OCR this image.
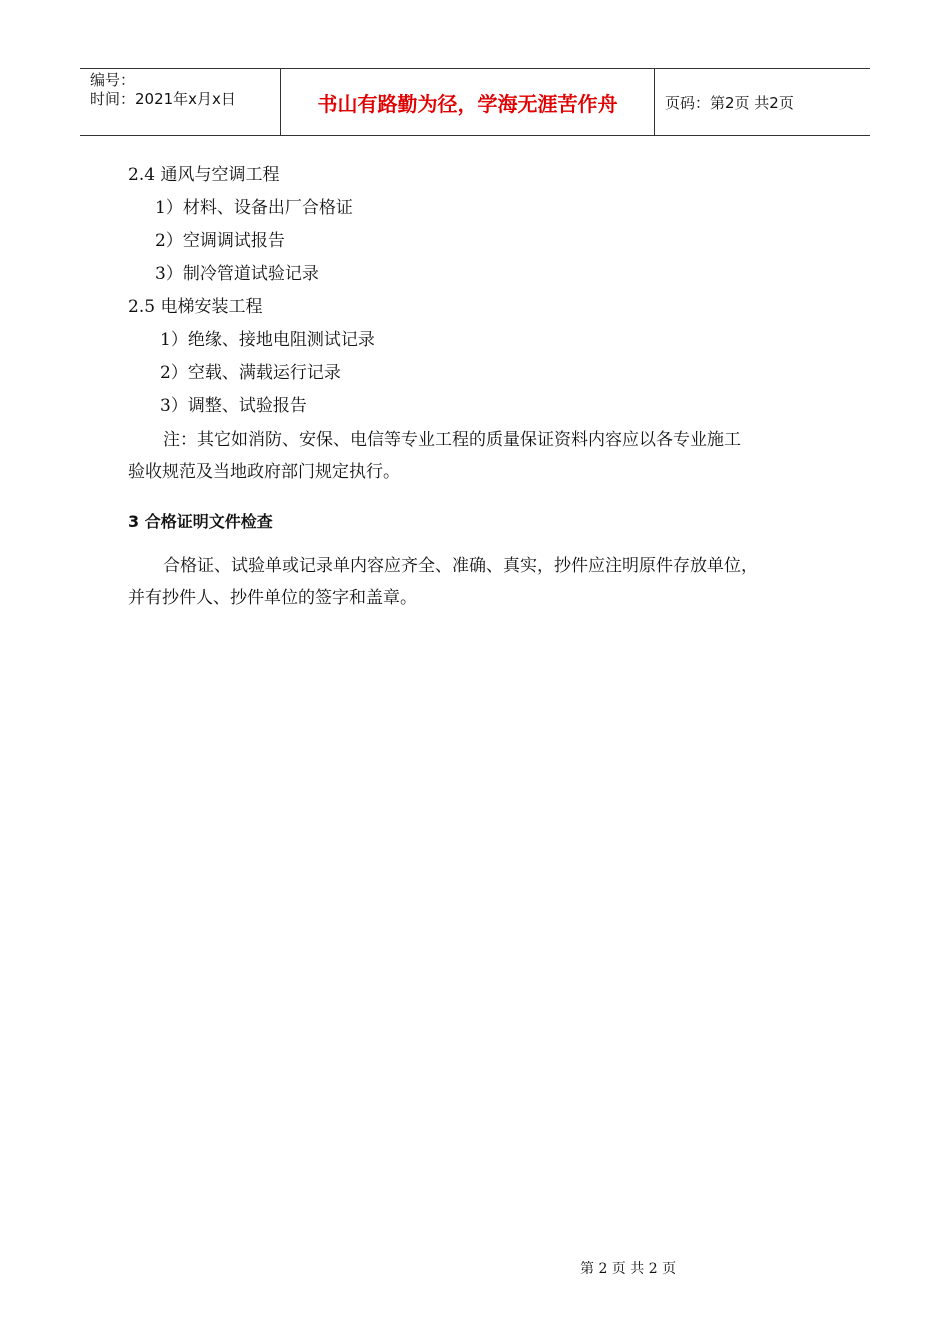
编号：
时间：2021年x月x日	书山有路勤为径，学海无涯苦作舟	页码：第2页 共2页
2.4 通风与空调工程
1）材料、设备出厂合格证
2）空调调试报告
3）制冷管道试验记录
2.5 电梯安装工程
1）绝缘、接地电阻测试记录
2）空载、满载运行记录
3）调整、试验报告
注：其它如消防、安保、电信等专业工程的质量保证资料内容应以各专业施工
验收规范及当地政府部门规定执行。
3 合格证明文件检查
合格证、试验单或记录单内容应齐全、准确、真实，抄件应注明原件存放单位，
并有抄件人、抄件单位的签字和盖章。
第 2 页 共 2 页
